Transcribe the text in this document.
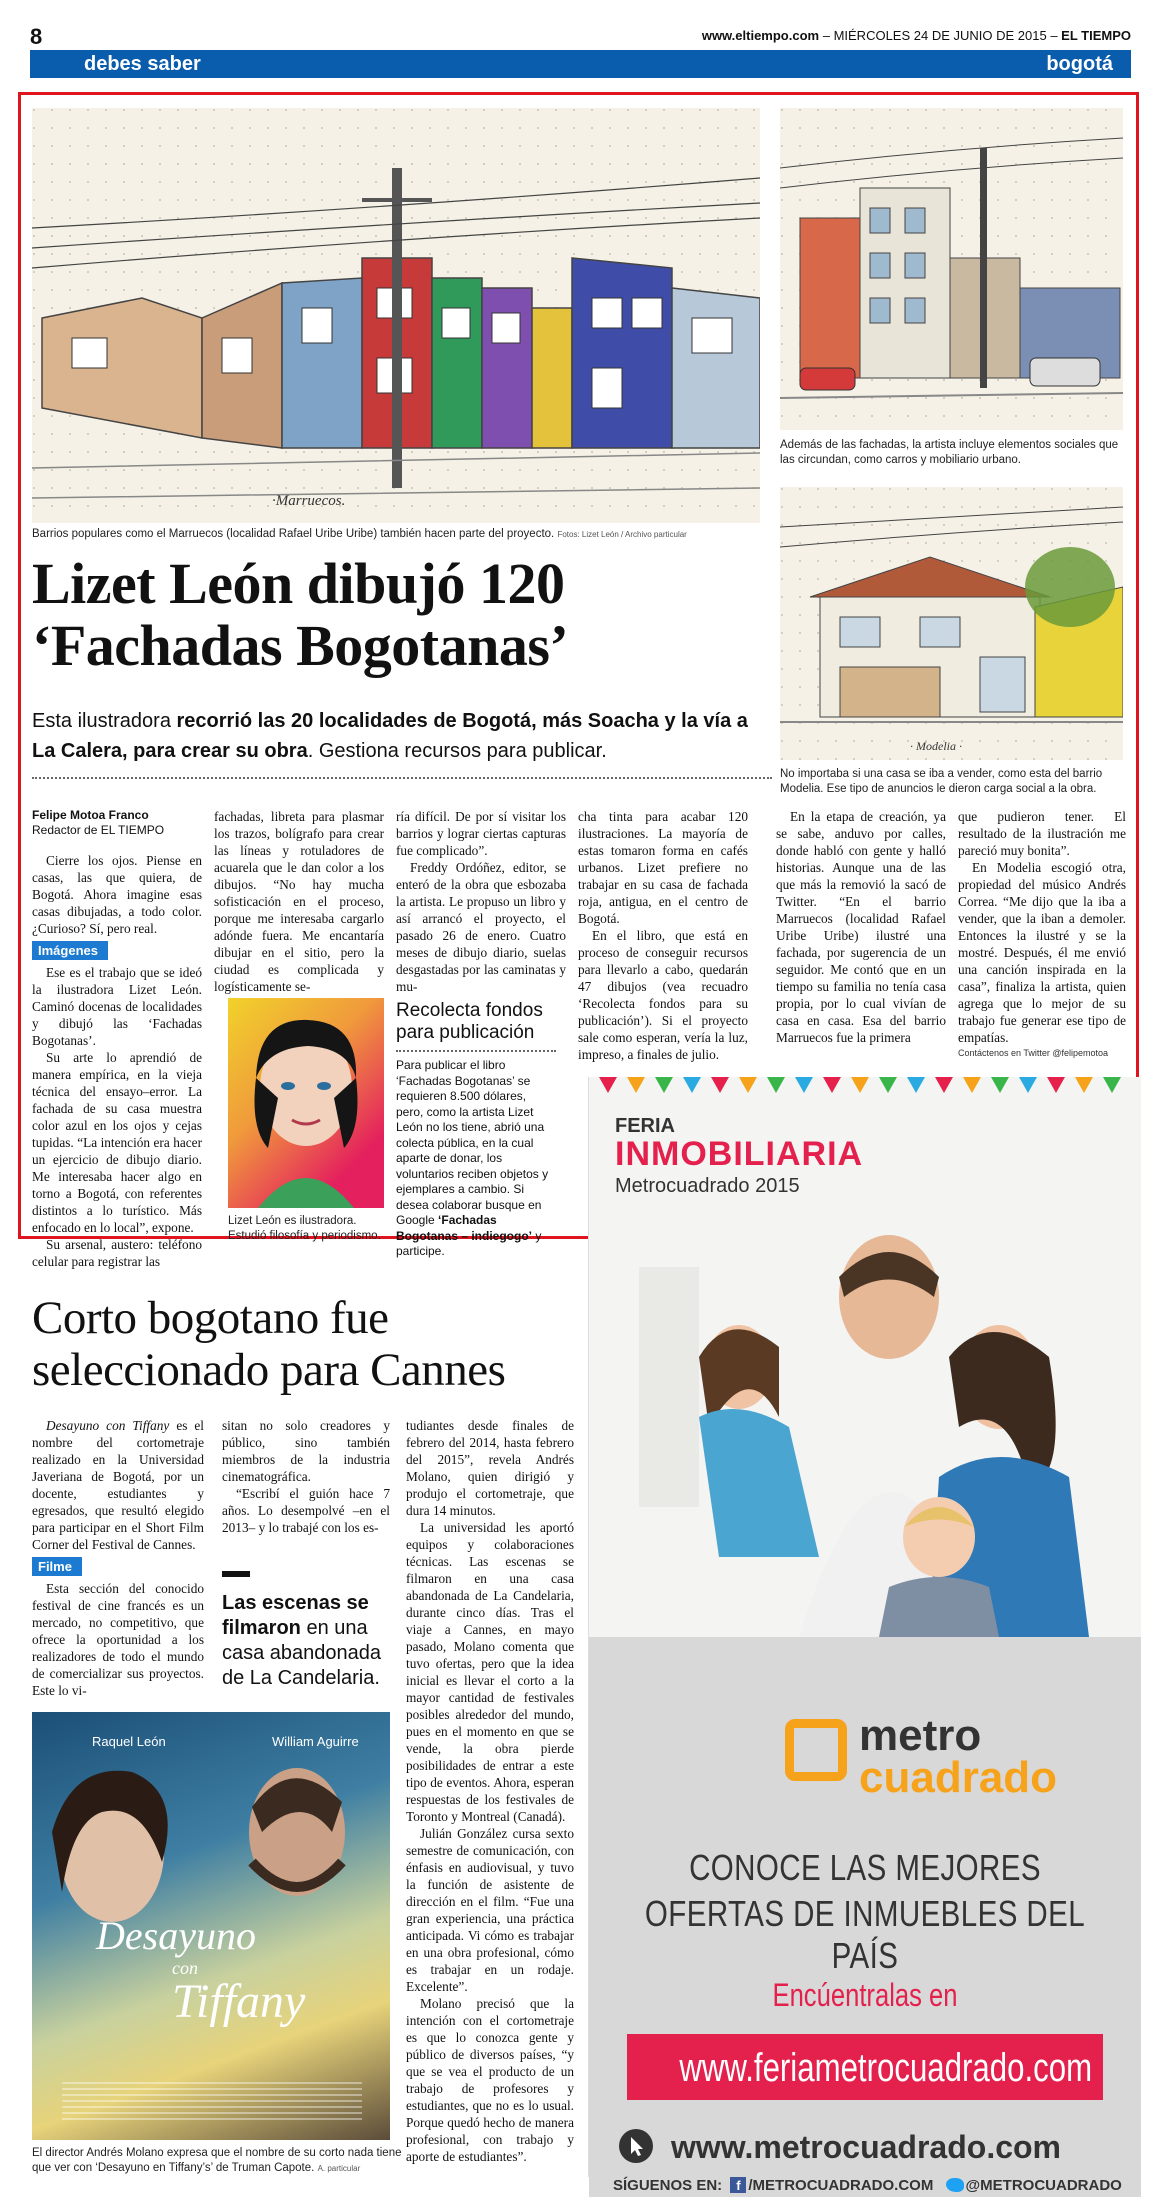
8	www.eltiempo.com – MIÉRCOLES 24 DE JUNIO DE 2015 – EL TIEMPO
debes saber	bogotá
·Marruecos.
Barrios populares como el Marruecos (localidad Rafael Uribe Uribe) también hacen parte del proyecto. Fotos: Lizet León / Archivo particular
Además de las fachadas, la artista incluye elementos sociales que las circundan, como carros y mobiliario urbano.
· Modelia ·
No importaba si una casa se iba a vender, como esta del barrio Modelia. Ese tipo de anuncios le dieron carga social a la obra.
Lizet León dibujó 120
‘Fachadas Bogotanas’
Esta ilustradora recorrió las 20 localidades de Bogotá, más Soacha y la vía a La Calera, para crear su obra. Gestiona recursos para publicar.
Felipe Motoa Franco
Redactor de EL TIEMPO

Cierre los ojos. Piense en casas, las que quiera, de Bogotá. Ahora imagine esas casas dibujadas, a todo color. ¿Curioso? Sí, pero real.

Imágenes

Ese es el trabajo que se ideó la ilustradora Lizet León. Caminó docenas de localidades y dibujó las ‘Fachadas Bogotanas’.

Su arte lo aprendió de manera empírica, en la vieja técnica del ensayo–error. La fachada de su casa muestra color azul en los ojos y cejas tupidas. “La intención era hacer un ejercicio de dibujo diario. Me interesaba hacer algo en torno a Bogotá, con referentes distintos a lo turístico. Más enfocado en lo local”, expone.

Su arsenal, austero: teléfono celular para registrar las

fachadas, libreta para plasmar los trazos, bolígrafo para crear las líneas y rotuladores de acuarela que le dan color a los dibujos. “No hay mucha sofisticación en el proceso, porque me interesaba cargarlo adónde fuera. Me encantaría dibujar en el sitio, pero la ciudad es complicada y logísticamente se-

ría difícil. De por sí visitar los barrios y lograr ciertas capturas fue complicado”.

Freddy Ordóñez, editor, se enteró de la obra que esbozaba la artista. Le propuso un libro y así arrancó el proyecto, el pasado 26 de enero. Cuatro meses de dibujo diario, suelas desgastadas por las caminatas y mu-

cha tinta para acabar 120 ilustraciones. La mayoría de estas tomaron forma en cafés urbanos. Lizet prefiere no trabajar en su casa de fachada roja, antigua, en el centro de Bogotá.

En el libro, que está en proceso de conseguir recursos para llevarlo a cabo, quedarán 47 dibujos (vea recuadro ‘Recolecta fondos para su publicación’). Si el proyecto sale como esperan, vería la luz, impreso, a finales de julio.

En la etapa de creación, ya se sabe, anduvo por calles, donde habló con gente y halló historias. Aunque una de las que más la removió la sacó de Twitter. “En el barrio Marruecos (localidad Rafael Uribe Uribe) ilustré una fachada, por sugerencia de un seguidor. Me contó que en un tiempo su familia no tenía casa propia, por lo cual vivían de casa en casa. Esa del barrio Marruecos fue la primera

que pudieron tener. El resultado de la ilustración me pareció muy bonita”.

En Modelia escogió otra, propiedad del músico Andrés Correa. “Me dijo que la iba a vender, que la iban a demoler. Entonces la ilustré y se la mostré. Después, él me envió una canción inspirada en la casa”, finaliza la artista, quien agrega que lo mejor de su trabajo fue generar ese tipo de empatías.

Contáctenos en Twitter @felipemotoa
Lizet León es ilustradora. Estudió filosofía y periodismo.
Recolecta fondos para publicación
Para publicar el libro ‘Fachadas Bogotanas’ se requieren 8.500 dólares, pero, como la artista Lizet León no los tiene, abrió una colecta pública, en la cual aparte de donar, los voluntarios reciben objetos y ejemplares a cambio. Si desea colaborar busque en Google ‘Fachadas Bogotanas – indiegogo’ y participe.
Corto bogotano fue
seleccionado para Cannes

Desayuno con Tiffany es el nombre del cortometraje realizado en la Universidad Javeriana de Bogotá, por un docente, estudiantes y egresados, que resultó elegido para participar en el Short Film Corner del Festival de Cannes.

Filme

Esta sección del conocido festival de cine francés es un mercado, no competitivo, que ofrece la oportunidad a los realizadores de todo el mundo de comercializar sus proyectos. Este lo vi-

sitan no solo creadores y público, sino también miembros de la industria cinematográfica.

“Escribí el guión hace 7 años. Lo desempolvé –en el 2013– y lo trabajé con los es-

Las escenas se filmaron en una casa abandonada de La Candelaria.

tudiantes desde finales de febrero del 2014, hasta febrero del 2015”, revela Andrés Molano, quien dirigió y produjo el cortometraje, que dura 14 minutos.

La universidad les aportó equipos y colaboraciones técnicas. Las escenas se filmaron en una casa abandonada de La Candelaria, durante cinco días. Tras el viaje a Cannes, en mayo pasado, Molano comenta que tuvo ofertas, pero que la idea inicial es llevar el corto a la mayor cantidad de festivales posibles alrededor del mundo, pues en el momento en que se vende, la obra pierde posibilidades de entrar a este tipo de eventos. Ahora, esperan respuestas de los festivales de Toronto y Montreal (Canadá).

Julián González cursa sexto semestre de comunicación, con énfasis en audiovisual, y tuvo la función de asistente de dirección en el film. “Fue una gran experiencia, una práctica anticipada. Vi cómo es trabajar en una obra profesional, cómo es trabajar en un rodaje. Excelente”.

Molano precisó que la intención con el cortometraje es que lo conozca gente y público de diversos países, “y que se vea el producto de un trabajo de profesores y estudiantes, que no es lo usual. Porque quedó hecho de manera profesional, con trabajo y aporte de estudiantes”.

Raquel León	William Aguirre
Desayuno
con
Tiffany
El director Andrés Molano expresa que el nombre de su corto nada tiene que ver con ‘Desayuno en Tiffany’s’ de Truman Capote. A. particular
FERIA
INMOBILIARIA
Metrocuadrado 2015
metro
cuadrado
CONOCE LAS MEJORES
OFERTAS DE INMUEBLES DEL PAÍS
Encúentralas en
www.feriametrocuadrado.com
www.metrocuadrado.com
SÍGUENOS EN: f /METROCUADRADO.COM @METROCUADRADO
